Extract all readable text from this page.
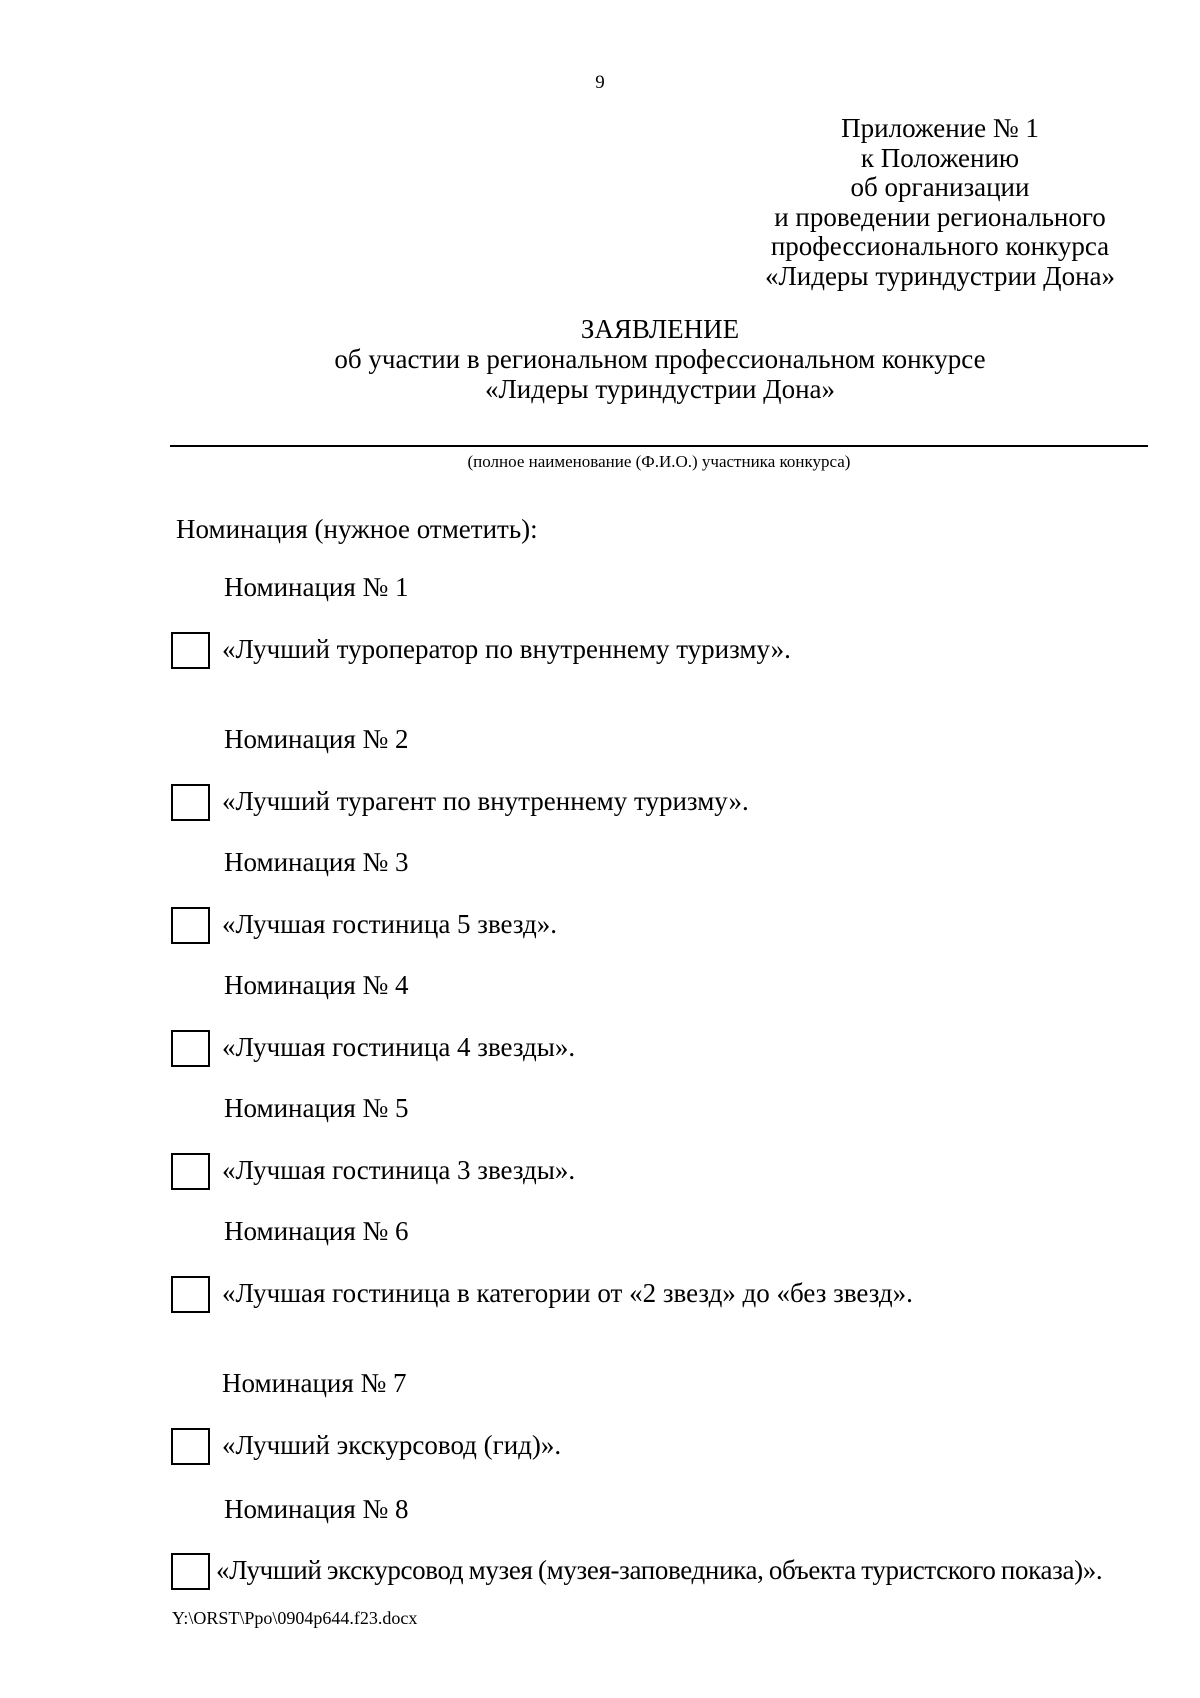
9
Приложение № 1
к Положению
об организации
и проведении регионального
профессионального конкурса
«Лидеры туриндустрии Дона»
ЗАЯВЛЕНИЕ
об участии в региональном профессиональном конкурсе
«Лидеры туриндустрии Дона»
(полное наименование (Ф.И.О.) участника конкурса)
Номинация (нужное отметить):
Номинация № 1
«Лучший туроператор по внутреннему туризму».
Номинация № 2
«Лучший турагент по внутреннему туризму».
Номинация № 3
«Лучшая гостиница 5 звезд».
Номинация № 4
«Лучшая гостиница 4 звезды».
Номинация № 5
«Лучшая гостиница 3 звезды».
Номинация № 6
«Лучшая гостиница в категории от «2 звезд» до «без звезд».
Номинация № 7
«Лучший экскурсовод (гид)».
Номинация № 8
«Лучший экскурсовод музея (музея-заповедника, объекта туристского показа)».
Y:\ORST\Ppo\0904p644.f23.docx
